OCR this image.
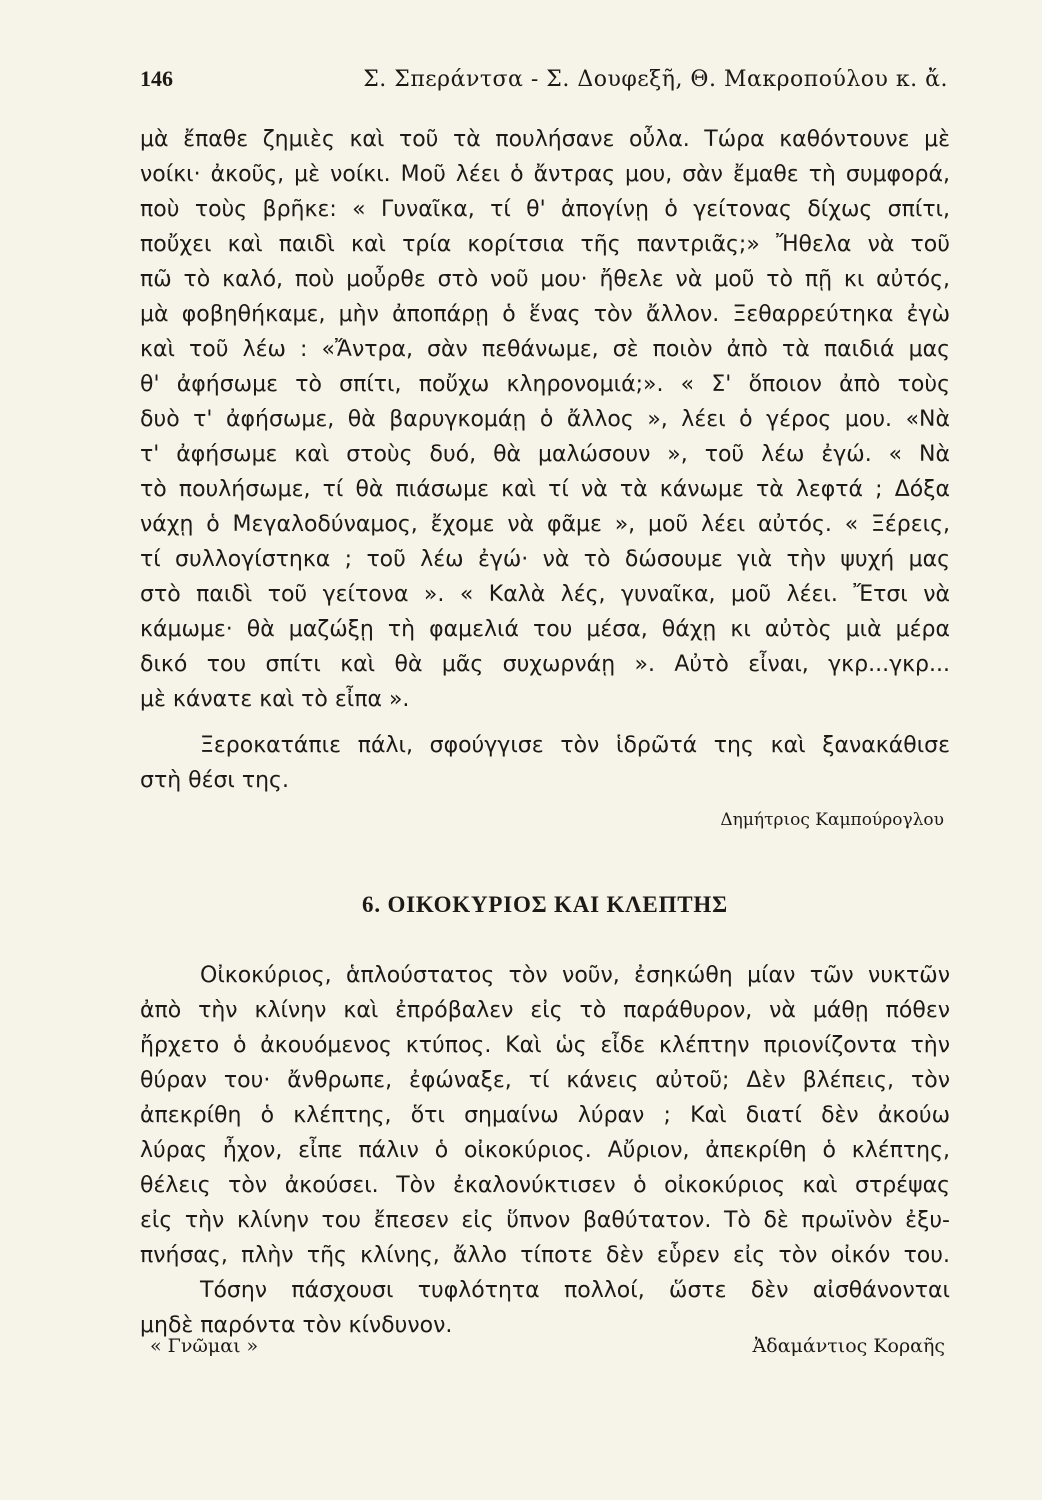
146	Σ. Σπεράντσα - Σ. Δουφεξῆ, Θ. Μακροπούλου κ. ἄ.
μὰ ἔπαθε ζημιὲς καὶ τοῦ τὰ πουλήσανε οὖλα. Τώρα καθόντουνε μὲ
νοίκι· ἀκοῦς, μὲ νοίκι. Μοῦ λέει ὁ ἄντρας μου, σὰν ἔμαθε τὴ συμφορά,
ποὺ τοὺς βρῆκε: « Γυναῖκα, τί θ' ἀπογίνῃ ὁ γείτονας δίχως σπίτι,
ποὔχει καὶ παιδὶ καὶ τρία κορίτσια τῆς παντριᾶς;» Ἤθελα νὰ τοῦ
πῶ τὸ καλό, ποὺ μοὖρθε στὸ νοῦ μου· ἤθελε νὰ μοῦ τὸ πῇ κι αὐτός,
μὰ φοβηθήκαμε, μὴν ἀποπάρῃ ὁ ἕνας τὸν ἄλλον. Ξεθαρρεύτηκα ἐγὼ
καὶ τοῦ λέω : «Ἄντρα, σὰν πεθάνωμε, σὲ ποιὸν ἀπὸ τὰ παιδιά μας
θ' ἀφήσωμε τὸ σπίτι, ποὔχω κληρονομιά;». « Σ' ὅποιον ἀπὸ τοὺς
δυὸ τ' ἀφήσωμε, θὰ βαρυγκομάῃ ὁ ἄλλος », λέει ὁ γέρος μου. «Νὰ
τ' ἀφήσωμε καὶ στοὺς δυό, θὰ μαλώσουν », τοῦ λέω ἐγώ. « Νὰ
τὸ πουλήσωμε, τί θὰ πιάσωμε καὶ τί νὰ τὰ κάνωμε τὰ λεφτά ; Δόξα
νάχῃ ὁ Μεγαλοδύναμος, ἔχομε νὰ φᾶμε », μοῦ λέει αὐτός. « Ξέρεις,
τί συλλογίστηκα ; τοῦ λέω ἐγώ· νὰ τὸ δώσουμε γιὰ τὴν ψυχή μας
στὸ παιδὶ τοῦ γείτονα ». « Καλὰ λές, γυναῖκα, μοῦ λέει. Ἔτσι νὰ
κάμωμε· θὰ μαζώξῃ τὴ φαμελιά του μέσα, θάχῃ κι αὐτὸς μιὰ μέρα
δικό του σπίτι καὶ θὰ μᾶς συχωρνάῃ ». Αὐτὸ εἶναι, γκρ...γκρ...
μὲ κάνατε καὶ τὸ εἶπα ».
Ξεροκατάπιε πάλι, σφούγγισε τὸν ἱδρῶτά της καὶ ξανακάθισε
στὴ θέσι της.
Δημήτριος Καμπούρογλου
6. ΟΙΚΟΚΥΡΙΟΣ ΚΑΙ ΚΛΕΠΤΗΣ
Οἰκοκύριος, ἁπλούστατος τὸν νοῦν, ἐσηκώθη μίαν τῶν νυκτῶν
ἀπὸ τὴν κλίνην καὶ ἐπρόβαλεν εἰς τὸ παράθυρον, νὰ μάθῃ πόθεν
ἤρχετο ὁ ἀκουόμενος κτύπος. Καὶ ὡς εἶδε κλέπτην πριονίζοντα τὴν
θύραν του· ἄνθρωπε, ἐφώναξε, τί κάνεις αὐτοῦ; Δὲν βλέπεις, τὸν
ἀπεκρίθη ὁ κλέπτης, ὅτι σημαίνω λύραν ; Καὶ διατί δὲν ἀκούω
λύρας ἦχον, εἶπε πάλιν ὁ οἰκοκύριος. Αὔριον, ἀπεκρίθη ὁ κλέπτης,
θέλεις τὸν ἀκούσει. Τὸν ἐκαλονύκτισεν ὁ οἰκοκύριος καὶ στρέψας
εἰς τὴν κλίνην του ἔπεσεν εἰς ὕπνον βαθύτατον. Τὸ δὲ πρωϊνὸν ἐξυ-
πνήσας, πλὴν τῆς κλίνης, ἄλλο τίποτε δὲν εὗρεν εἰς τὸν οἰκόν του.
Τόσην πάσχουσι τυφλότητα πολλοί, ὥστε δὲν αἰσθάνονται
μηδὲ παρόντα τὸν κίνδυνον.
« Γνῶμαι »	Ἀδαμάντιος Κοραῆς
